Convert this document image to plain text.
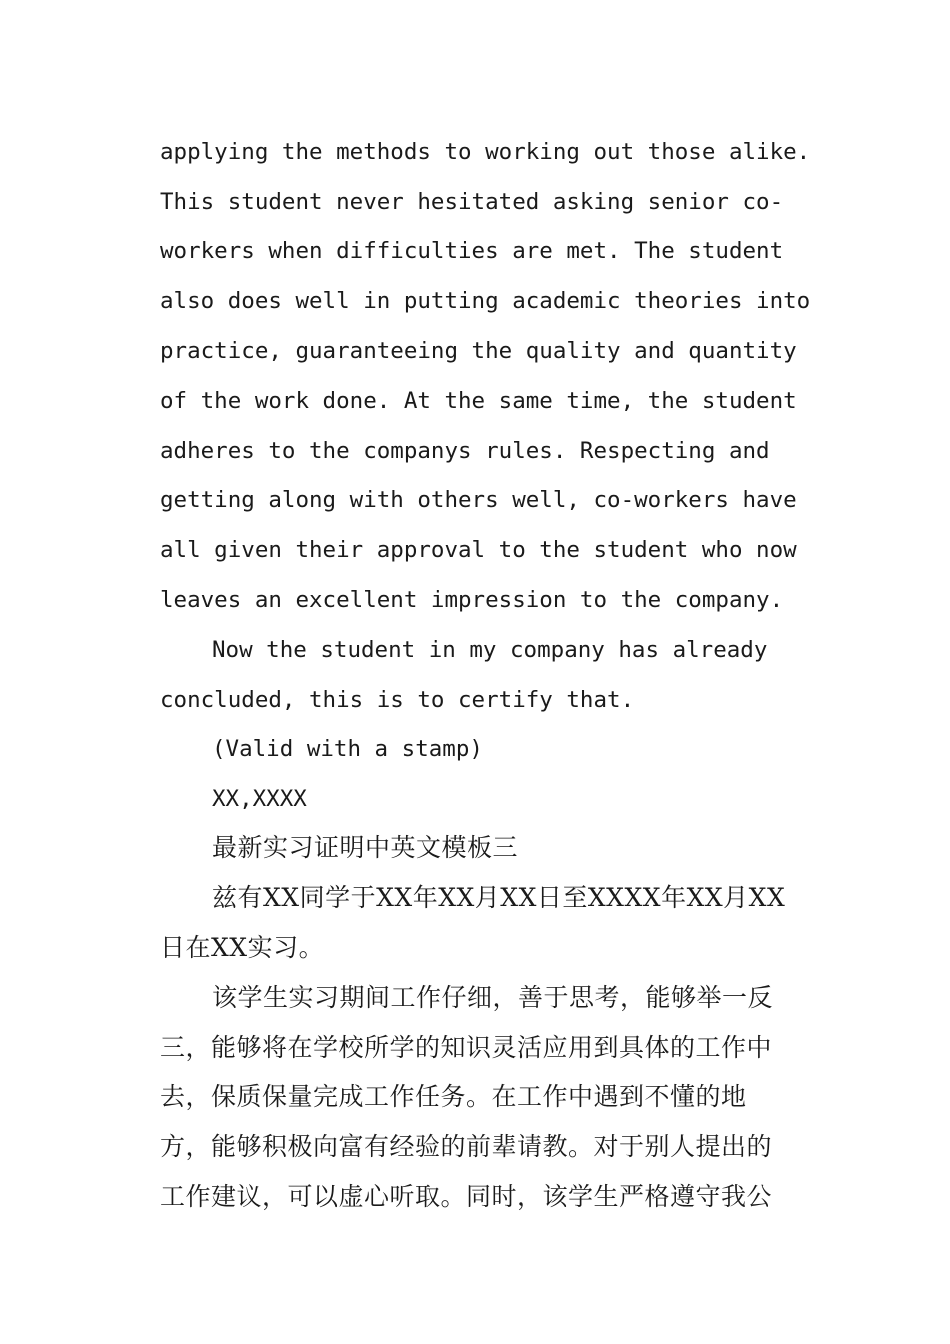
applying the methods to working out those alike.
This student never hesitated asking senior co-
workers when difficulties are met. The student
also does well in putting academic theories into
practice, guaranteeing the quality and quantity
of the work done. At the same time, the student
adheres to the companys rules. Respecting and
getting along with others well, co-workers have
all given their approval to the student who now
leaves an excellent impression to the company.
Now the student in my company has already
concluded, this is to certify that.
(Valid with a stamp)
XX,XXXX
最新实习证明中英文模板三
兹有XX同学于XX年XX月XX日至XXXX年XX月XX
日在XX实习。
该学生实习期间工作仔细，善于思考，能够举一反
三，能够将在学校所学的知识灵活应用到具体的工作中
去，保质保量完成工作任务。在工作中遇到不懂的地
方，能够积极向富有经验的前辈请教。对于别人提出的
工作建议，可以虚心听取。同时，该学生严格遵守我公
